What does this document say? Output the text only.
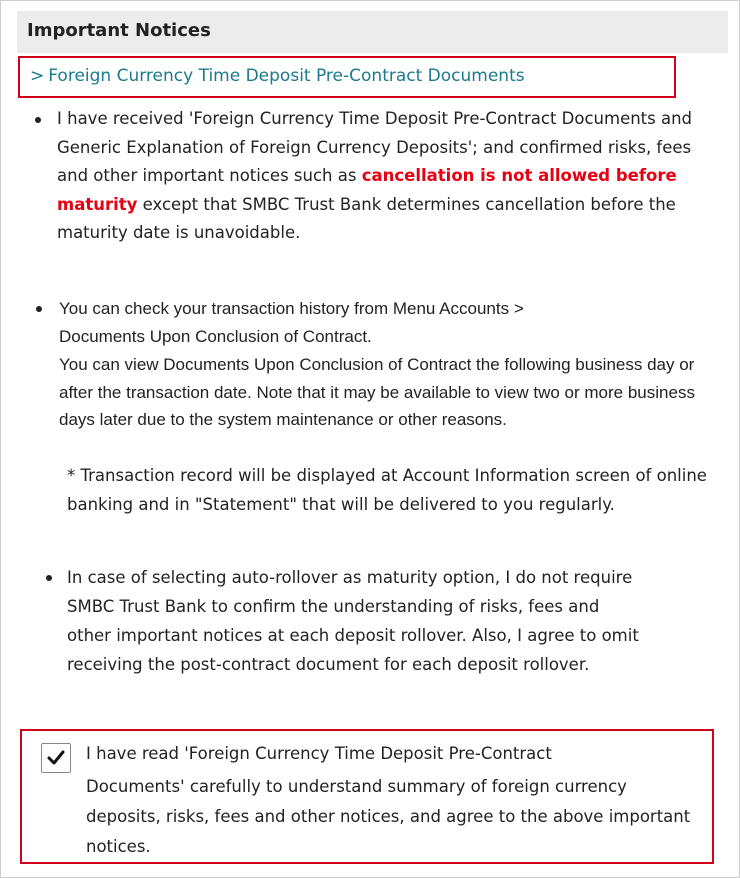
Important Notices
> Foreign Currency Time Deposit Pre-Contract Documents
I have received 'Foreign Currency Time Deposit Pre-Contract Documents and Generic Explanation of Foreign Currency Deposits'; and confirmed risks, fees and other important notices such as cancellation is not allowed before maturity except that SMBC Trust Bank determines cancellation before the maturity date is unavoidable.
You can check your transaction history from Menu Accounts >
Documents Upon Conclusion of Contract.
You can view Documents Upon Conclusion of Contract the following business day or after the transaction date. Note that it may be available to view two or more business days later due to the system maintenance or other reasons.
* Transaction record will be displayed at Account Information screen of online banking and in "Statement" that will be delivered to you regularly.
In case of selecting auto-rollover as maturity option, I do not require
SMBC Trust Bank to confirm the understanding of risks, fees and
other important notices at each deposit rollover. Also, I agree to omit
receiving the post-contract document for each deposit rollover.
I have read 'Foreign Currency Time Deposit Pre-Contract
Documents' carefully to understand summary of foreign currency deposits, risks, fees and other notices, and agree to the above important notices.
